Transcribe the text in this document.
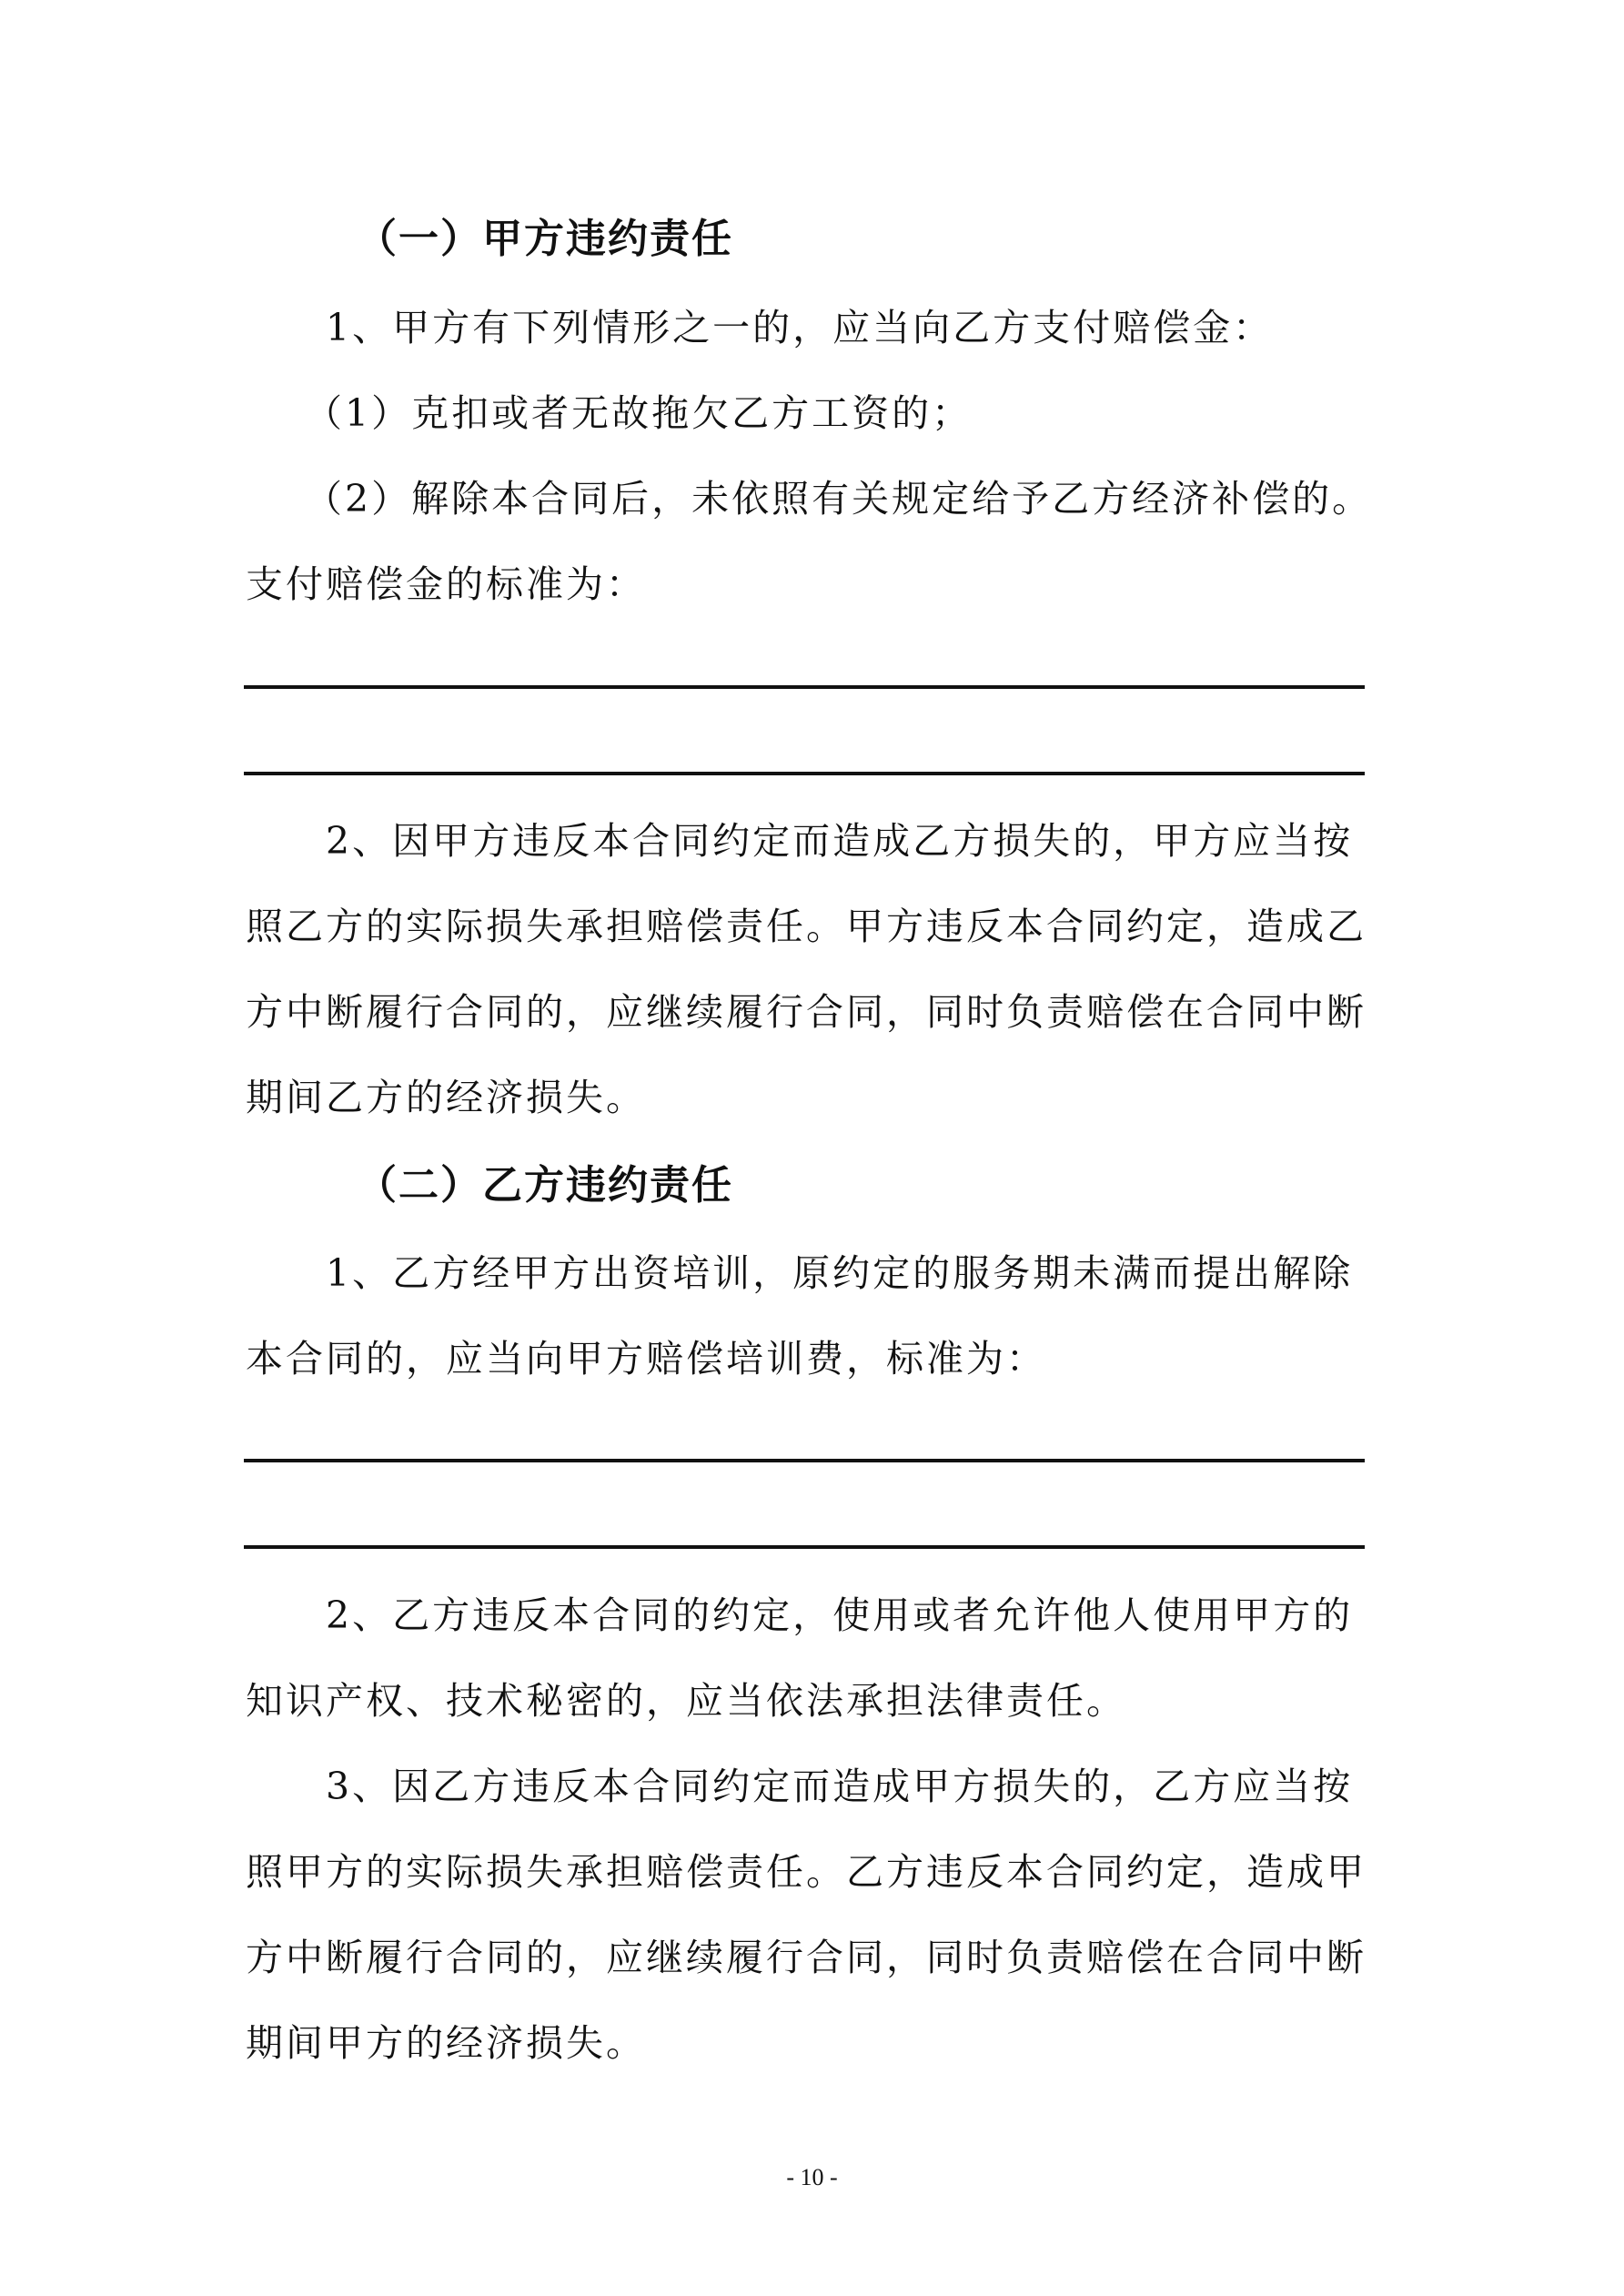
（一）甲方违约责任
1、甲方有下列情形之一的，应当向乙方支付赔偿金：
（1）克扣或者无故拖欠乙方工资的；
（2）解除本合同后，未依照有关规定给予乙方经济补偿的。
支付赔偿金的标准为：
2、因甲方违反本合同约定而造成乙方损失的，甲方应当按
照乙方的实际损失承担赔偿责任。甲方违反本合同约定，造成乙
方中断履行合同的，应继续履行合同，同时负责赔偿在合同中断
期间乙方的经济损失。
（二）乙方违约责任
1、乙方经甲方出资培训，原约定的服务期未满而提出解除
本合同的，应当向甲方赔偿培训费，标准为：
2、乙方违反本合同的约定，使用或者允许他人使用甲方的
知识产权、技术秘密的，应当依法承担法律责任。
3、因乙方违反本合同约定而造成甲方损失的，乙方应当按
照甲方的实际损失承担赔偿责任。乙方违反本合同约定，造成甲
方中断履行合同的，应继续履行合同，同时负责赔偿在合同中断
期间甲方的经济损失。
- 10 -
